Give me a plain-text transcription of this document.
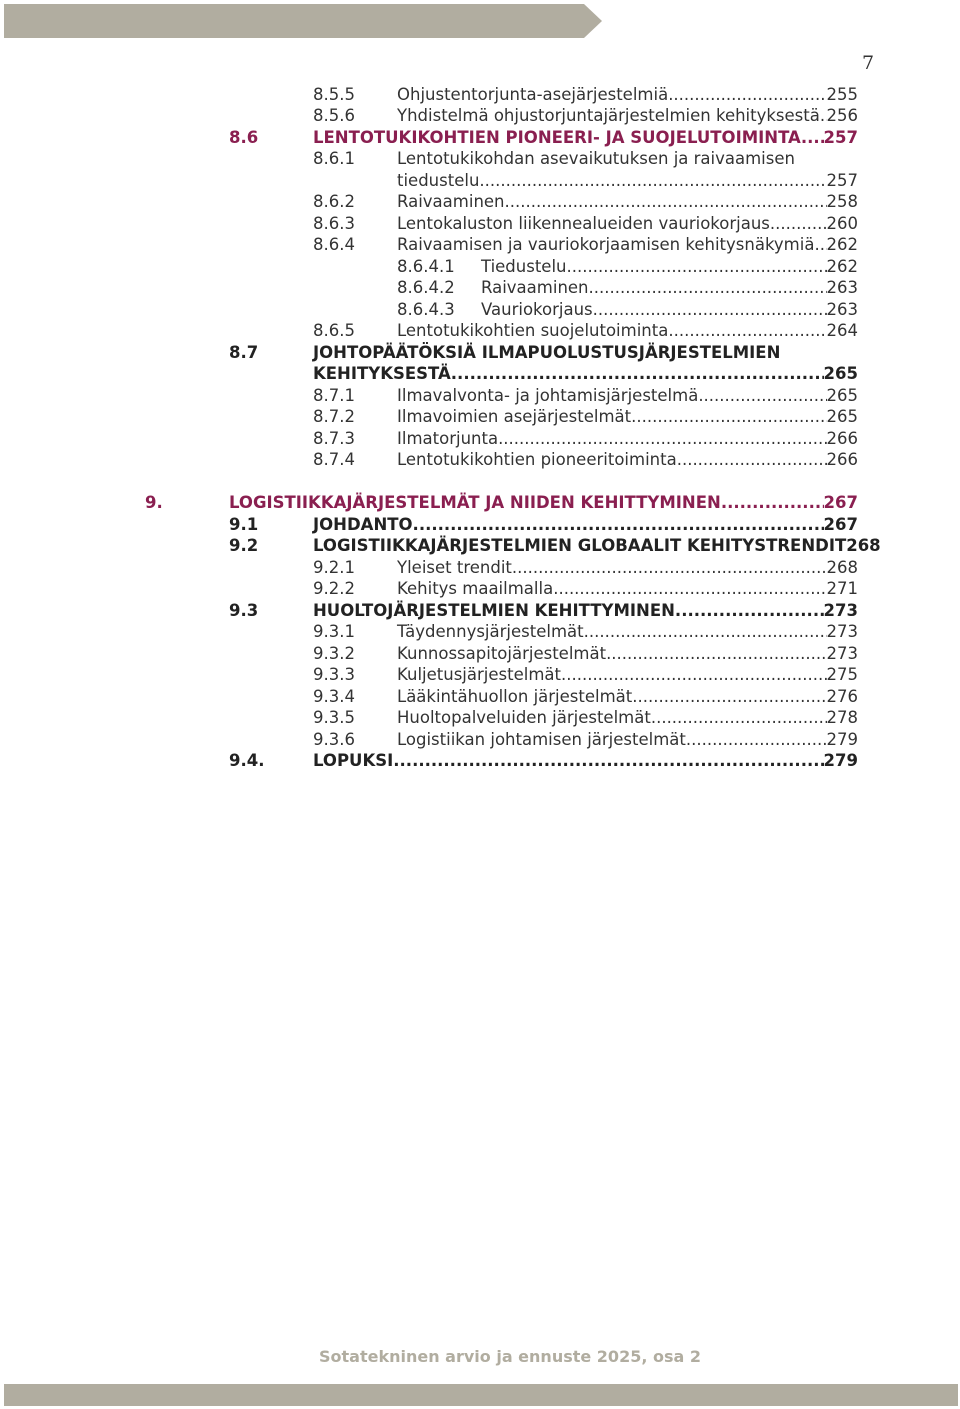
7
8.5.5	Ohjustentorjunta-asejärjestelmiä .....	255
8.5.6	Yhdistelmä ohjustorjuntajärjestelmien kehityksestä ..... 256
8.6	LENTOTUKIKOHTIEN PIONEERI- JA SUOJELUTOIMINTA ..... 257
8.6.1	Lentotukikohdan asevaikutuksen ja raivaamisen
tiedustelu .....	257
8.6.2	Raivaaminen .....	258
8.6.3	Lentokaluston liikennealueiden vauriokorjaus .....	260
8.6.4	Raivaamisen ja vauriokorjaamisen kehitysnäkymiä ..... 262
8.6.4.1 Tiedustelu .....	262
8.6.4.2 Raivaaminen .....	263
8.6.4.3 Vauriokorjaus .....	263
8.6.5	Lentotukikohtien suojelutoiminta .....	264
8.7	JOHTOPÄÄTÖKSIÄ ILMAPUOLUSTUSJÄRJESTELMIEN
KEHITYKSESTÄ .....	265
8.7.1	Ilmavalvonta- ja johtamisjärjestelmä .....	265
8.7.2	Ilmavoimien asejärjestelmät .....	265
8.7.3	Ilmatorjunta .....	266
8.7.4	Lentotukikohtien pioneeritoiminta .....	266
9.	LOGISTIIKKAJÄRJESTELMÄT JA NIIDEN KEHITTYMINEN .....	267
9.1	JOHDANTO .....	267
9.2	LOGISTIIKKAJÄRJESTELMIEN GLOBAALIT KEHITYSTRENDIT 268
9.2.1	Yleiset trendit .....	268
9.2.2	Kehitys maailmalla .....	271
9.3	HUOLTOJÄRJESTELMIEN KEHITTYMINEN .....	273
9.3.1	Täydennysjärjestelmät .....	273
9.3.2	Kunnossapitojärjestelmät .....	273
9.3.3	Kuljetusjärjestelmät .....	275
9.3.4	Lääkintähuollon järjestelmät .....	276
9.3.5	Huoltopalveluiden järjestelmät .....	278
9.3.6	Logistiikan johtamisen järjestelmät .....	279
9.4.	LOPUKSI .....	279
Sotatekninen arvio ja ennuste 2025, osa 2
